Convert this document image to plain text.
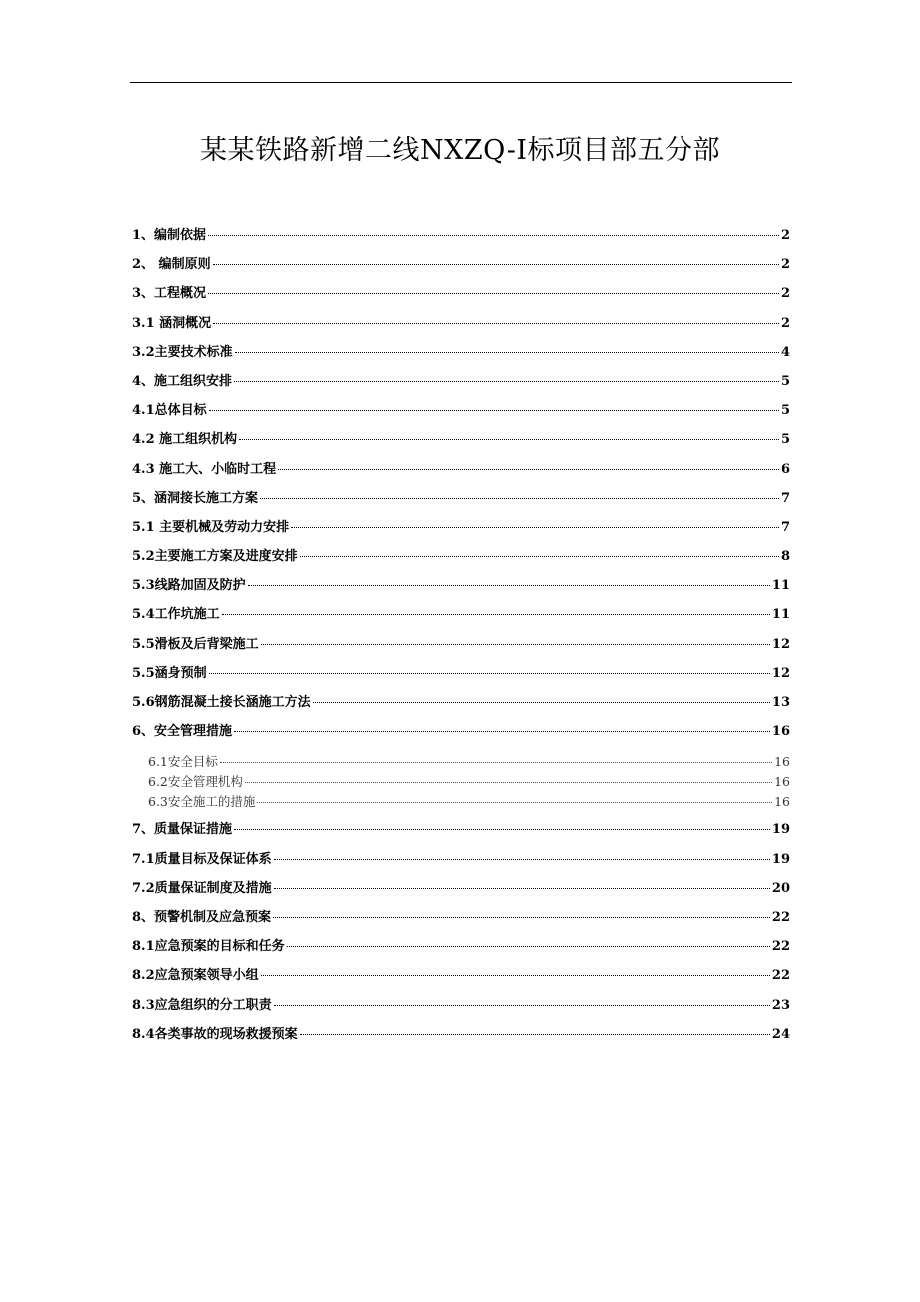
某某铁路新增二线NXZQ-I标项目部五分部
1、编制依据	2
2、 编制原则	2
3、工程概况	2
3.1 涵洞概况	2
3.2主要技术标准	4
4、施工组织安排	5
4.1总体目标	5
4.2 施工组织机构	5
4.3 施工大、小临时工程	6
5、涵洞接长施工方案	7
5.1 主要机械及劳动力安排	7
5.2主要施工方案及进度安排	8
5.3线路加固及防护	11
5.4工作坑施工	11
5.5滑板及后背梁施工	12
5.5涵身预制	12
5.6钢筋混凝土接长涵施工方法	13
6、安全管理措施	16
6.1安全目标	16
6.2安全管理机构	16
6.3安全施工的措施	16
7、质量保证措施	19
7.1质量目标及保证体系	19
7.2质量保证制度及措施	20
8、预警机制及应急预案	22
8.1应急预案的目标和任务	22
8.2应急预案领导小组	22
8.3应急组织的分工职责	23
8.4各类事故的现场救援预案	24
